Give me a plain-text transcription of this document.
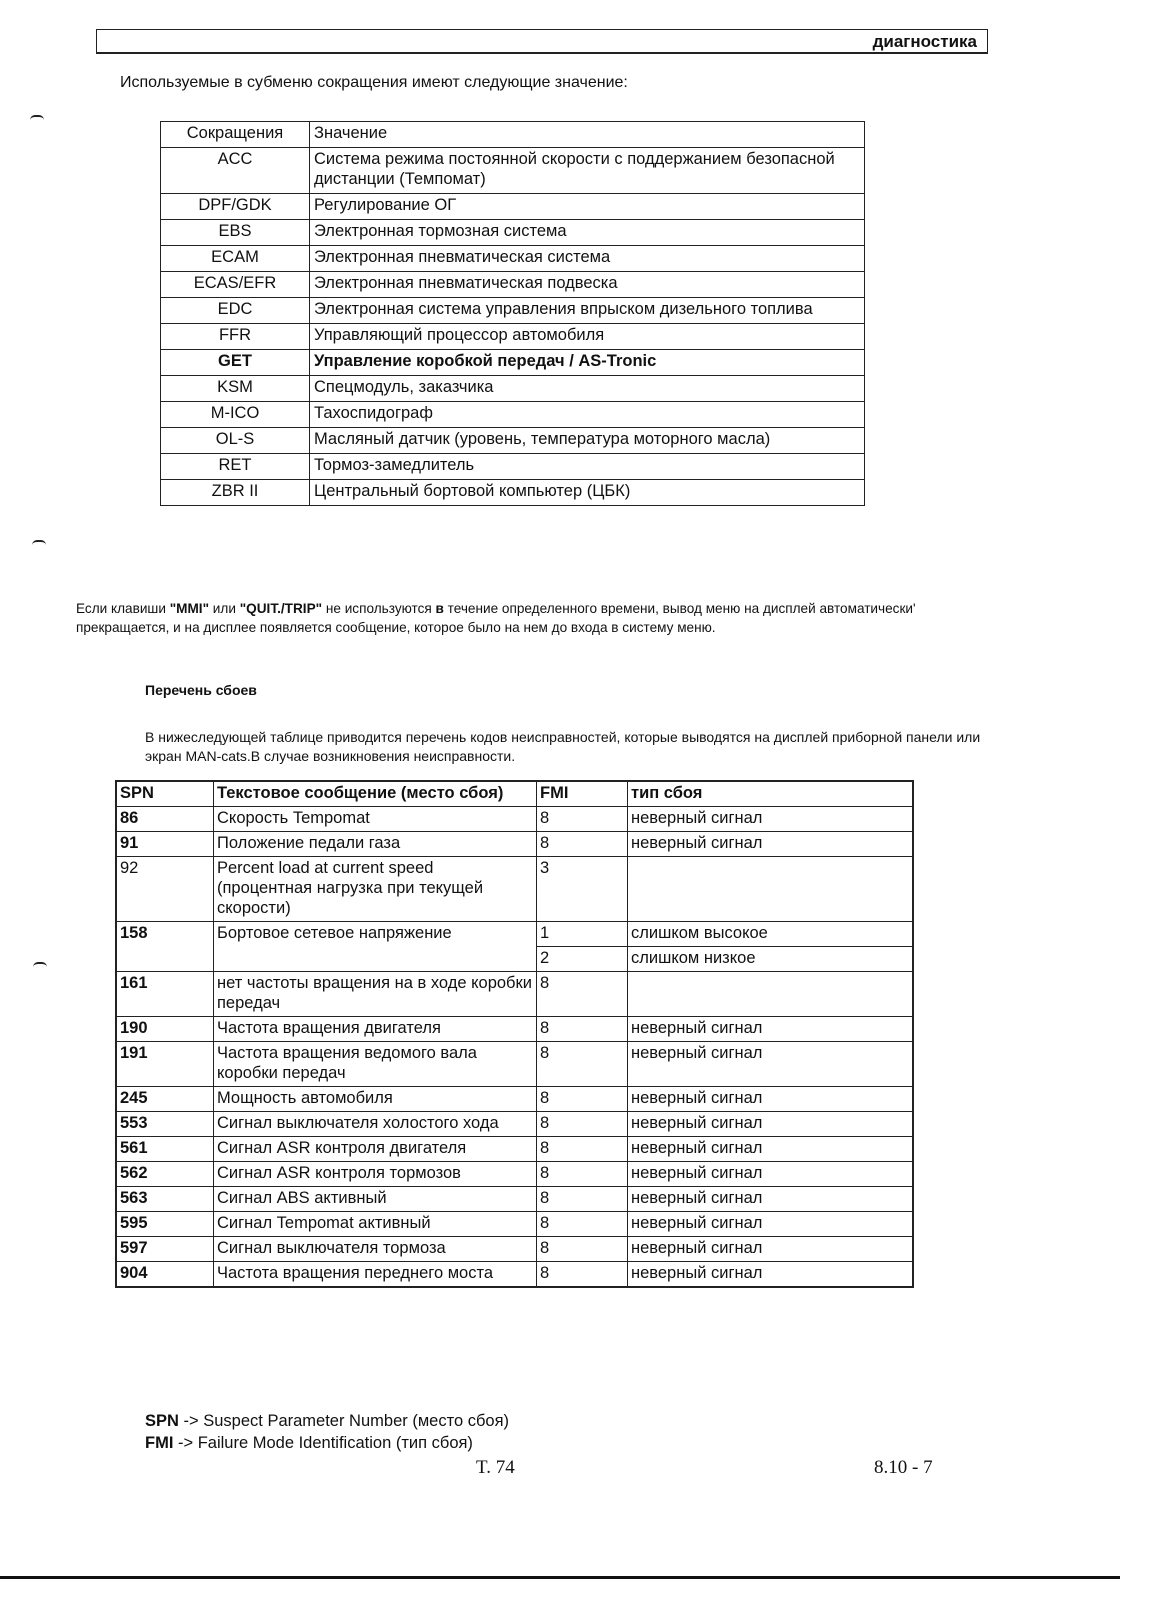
диагностика
Используемые в субменю сокращения имеют следующие значение:
Сокращения	Значение
ACC	Система режима постоянной скорости с поддержанием безопасной дистанции (Темпомат)
DPF/GDK	Регулирование ОГ
EBS	Электронная тормозная система
ECAM	Электронная пневматическая система
ECAS/EFR	Электронная пневматическая подвеска
EDC	Электронная система управления впрыском дизельного топлива
FFR	Управляющий процессор автомобиля
GET	Управление коробкой передач / AS-Tronic
KSM	Спецмодуль, заказчика
M-ICO	Тахоспидограф
OL-S	Масляный датчик (уровень, температура моторного масла)
RET	Тормоз-замедлитель
ZBR II	Центральный бортовой компьютер (ЦБК)
Если клавиши "MMI" или "QUIT./TRIP" не используются в течение определенного времени, вывод меню на дисплей автоматически' прекращается, и на дисплее появляется сообщение, которое было на нем до входа в систему меню.
Перечень сбоев
В нижеследующей таблице приводится перечень кодов неисправностей, которые выводятся на дисплей приборной панели или экран MAN-cats.В случае возникновения неисправности.
SPN	Текстовое сообщение (место сбоя)	FMI	тип сбоя
86	Скорость Tempomat	8	неверный сигнал
91	Положение педали газа	8	неверный сигнал
92	Percent load at current speed (процентная нагрузка при текущей скорости)	3	
158	Бортовое сетевое напряжение	1	слишком высокое
		2	слишком низкое
161	нет частоты вращения на в ходе коробки передач	8	
190	Частота вращения двигателя	8	неверный сигнал
191	Частота вращения ведомого вала коробки передач	8	неверный сигнал
245	Мощность автомобиля	8	неверный сигнал
553	Сигнал выключателя холостого хода	8	неверный сигнал
561	Сигнал ASR контроля двигателя	8	неверный сигнал
562	Сигнал ASR контроля тормозов	8	неверный сигнал
563	Сигнал ABS активный	8	неверный сигнал
595	Сигнал Tempomat активный	8	неверный сигнал
597	Сигнал выключателя тормоза	8	неверный сигнал
904	Частота вращения переднего моста	8	неверный сигнал
SPN -> Suspect Parameter Number (место сбоя)
FMI -> Failure Mode Identification (тип сбоя)
T. 74	8.10 - 7
